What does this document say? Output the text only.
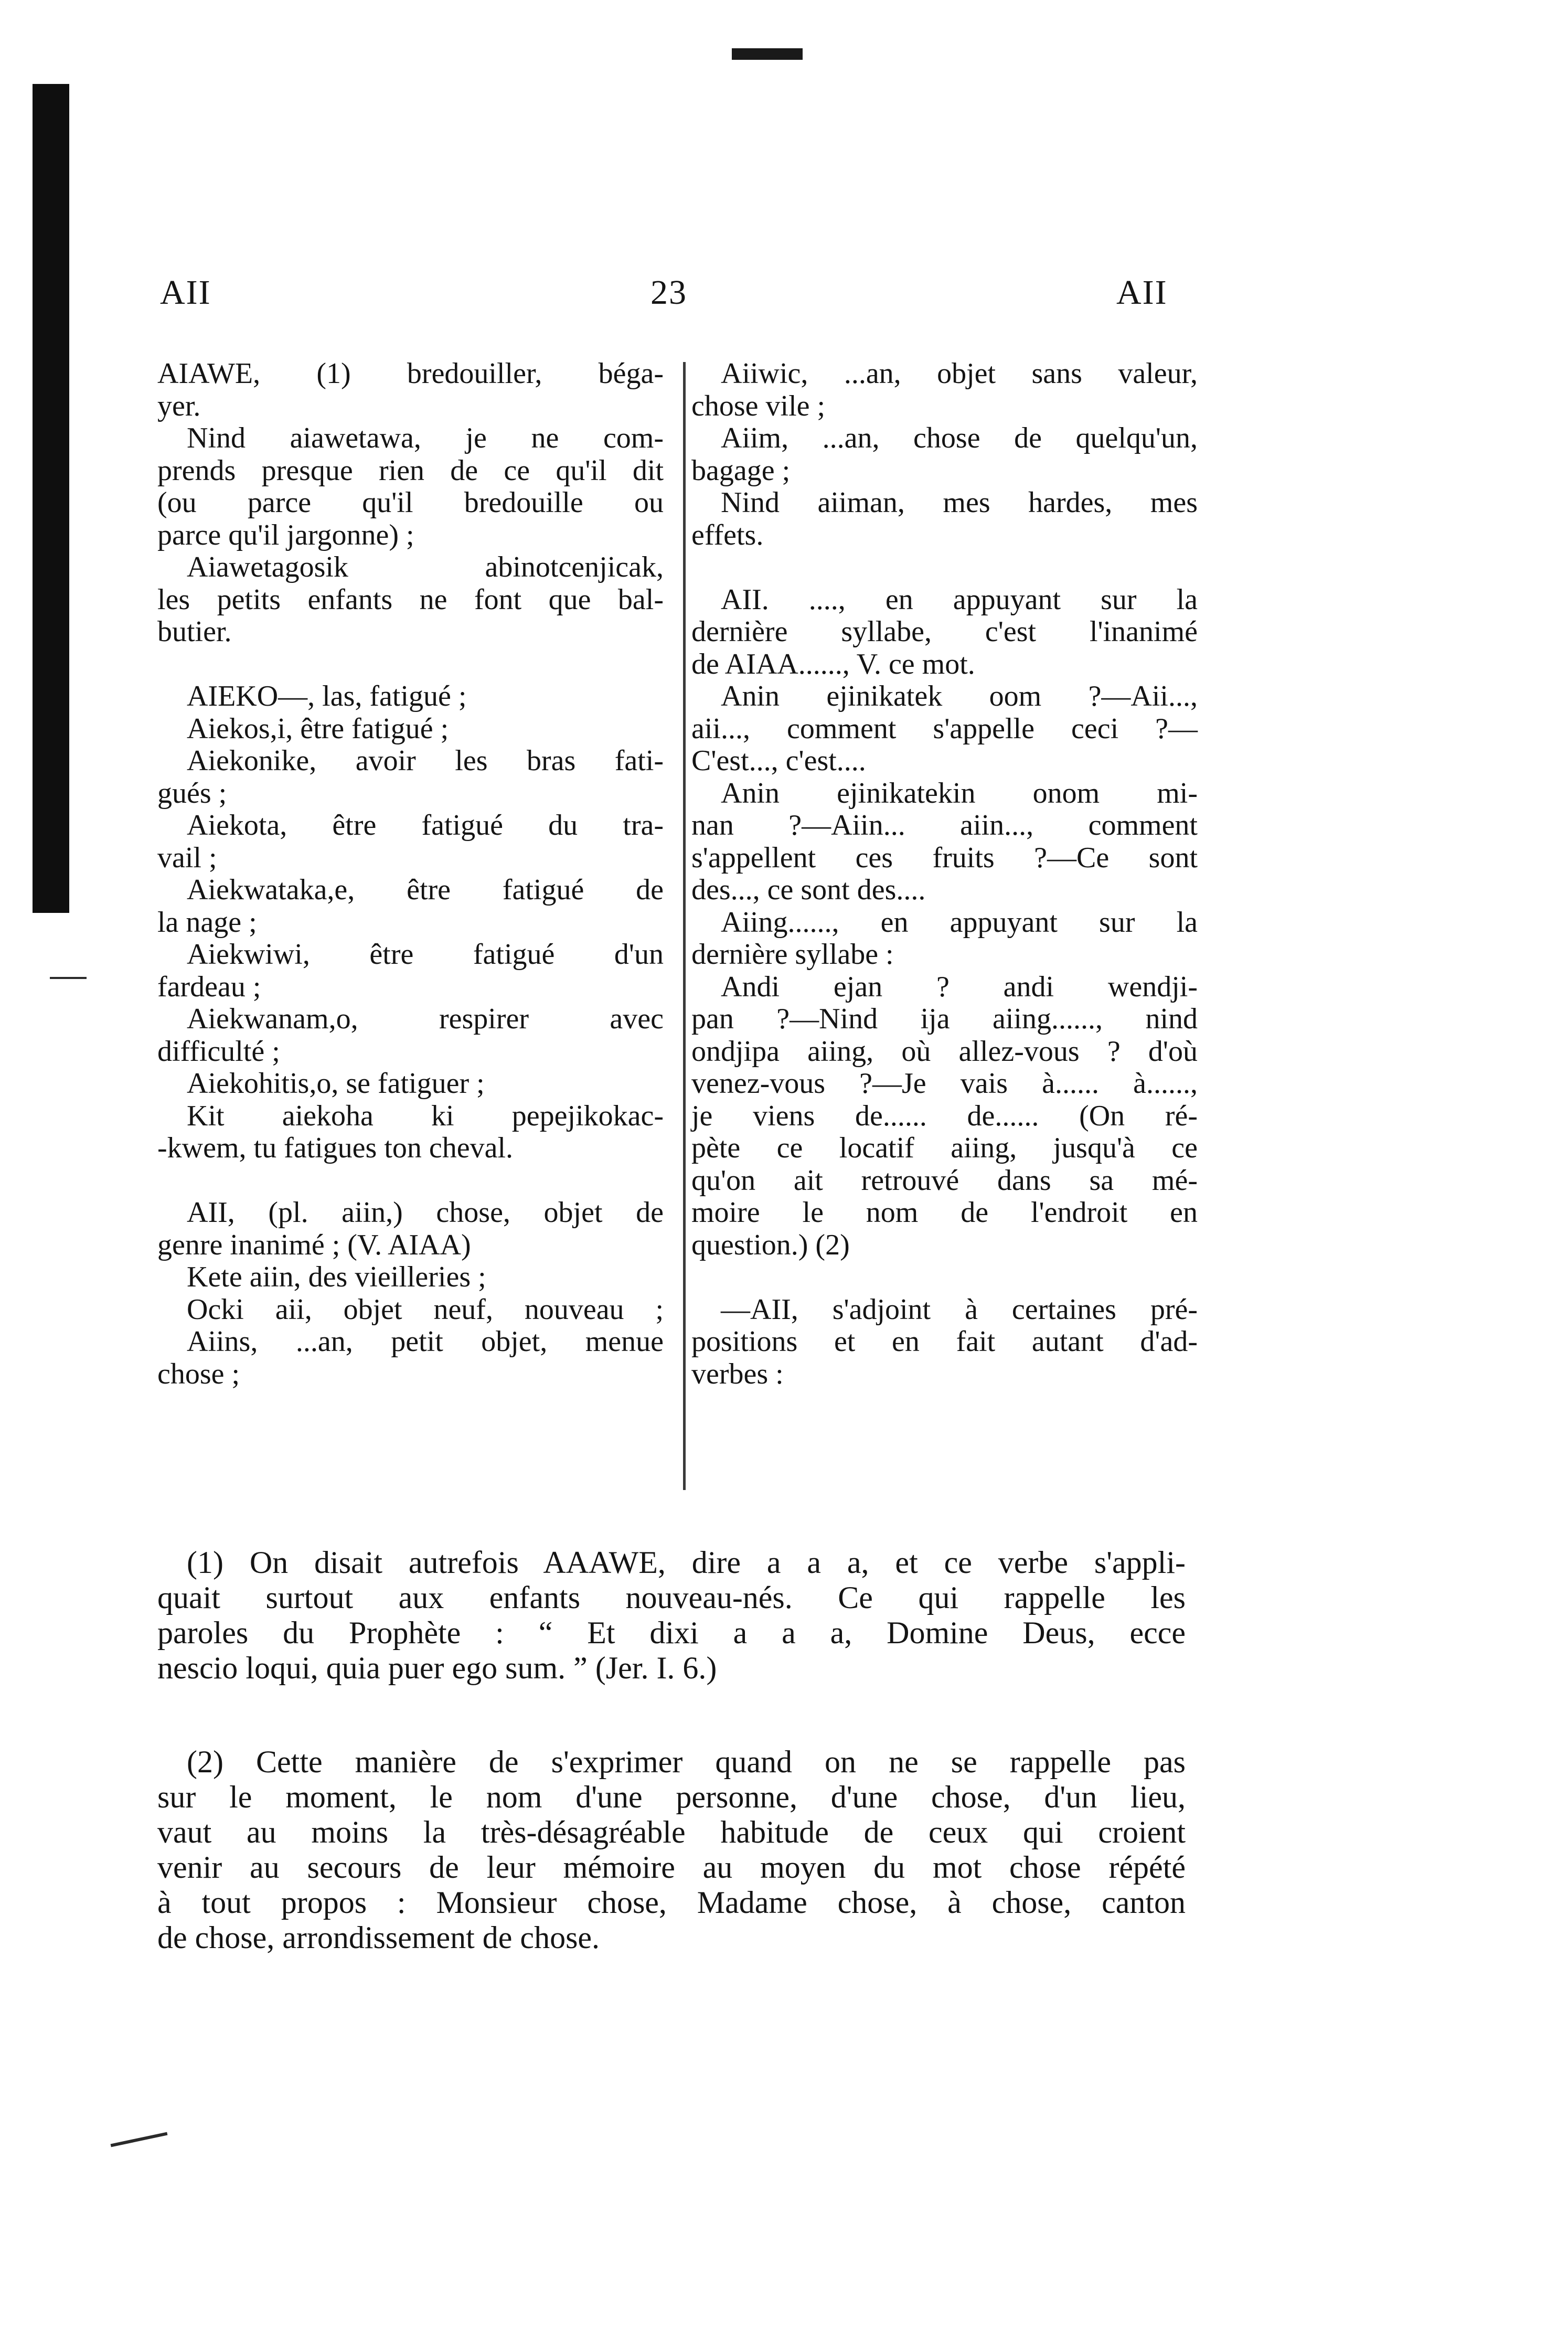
AII	23	AII

AIAWE, (1) bredouiller, béga-

yer.

Nind aiawetawa, je ne com-

prends presque rien de ce qu'il dit

(ou parce qu'il bredouille ou

parce qu'il jargonne) ;

Aiawetagosik abinotcenjicak,

les petits enfants ne font que bal-

butier.

AIEKO—, las, fatigué ;

Aiekos,i, être fatigué ;

Aiekonike, avoir les bras fati-

gués ;

Aiekota, être fatigué du tra-

vail ;

Aiekwataka,e, être fatigué de

la nage ;

Aiekwiwi, être fatigué d'un

fardeau ;

Aiekwanam,o, respirer avec

difficulté ;

Aiekohitis,o, se fatiguer ;

Kit aiekoha ki pepejikokac-

-kwem, tu fatigues ton cheval.

AII, (pl. aiin,) chose, objet de

genre inanimé ; (V. AIAA)

Kete aiin, des vieilleries ;

Ocki aii, objet neuf, nouveau ;

Aiins, ...an, petit objet, menue

chose ;

Aiiwic, ...an, objet sans valeur,

chose vile ;

Aiim, ...an, chose de quelqu'un,

bagage ;

Nind aiiman, mes hardes, mes

effets.

AII. ...., en appuyant sur la

dernière syllabe, c'est l'inanimé

de AIAA......, V. ce mot.

Anin ejinikatek oom ?—Aii...,

aii..., comment s'appelle ceci ?—

C'est..., c'est....

Anin ejinikatekin onom mi-

nan ?—Aiin... aiin..., comment

s'appellent ces fruits ?—Ce sont

des..., ce sont des....

Aiing......, en appuyant sur la

dernière syllabe :

Andi ejan ? andi wendji-

pan ?—Nind ija aiing......, nind

ondjipa aiing, où allez-vous ? d'où

venez-vous ?—Je vais à...... à......,

je viens de...... de...... (On ré-

pète ce locatif aiing, jusqu'à ce

qu'on ait retrouvé dans sa mé-

moire le nom de l'endroit en

question.) (2)

—AII, s'adjoint à certaines pré-

positions et en fait autant d'ad-

verbes :

(1) On disait autrefois AAAWE, dire a a a, et ce verbe s'appli-

quait surtout aux enfants nouveau-nés. Ce qui rappelle les

paroles du Prophète : “ Et dixi a a a, Domine Deus, ecce

nescio loqui, quia puer ego sum. ” (Jer. I. 6.)

(2) Cette manière de s'exprimer quand on ne se rappelle pas

sur le moment, le nom d'une personne, d'une chose, d'un lieu,

vaut au moins la très-désagréable habitude de ceux qui croient

venir au secours de leur mémoire au moyen du mot chose répété

à tout propos : Monsieur chose, Madame chose, à chose, canton

de chose, arrondissement de chose.
